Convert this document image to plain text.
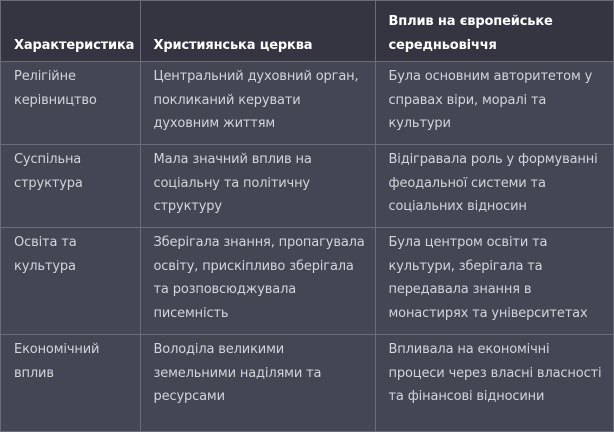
Характеристика	Християнська церква	Вплив на європейське середньовіччя
Релігійне керівництво	Центральний духовний орган, покликаний керувати духовним життям	Була основним авторитетом у справах віри, моралі та культури
Суспільна структура	Мала значний вплив на соціальну та політичну структуру	Відігравала роль у формуванні феодальної системи та соціальних відносин
Освіта та культура	Зберігала знання, пропагувала освіту, прискіпливо зберігала та розповсюджувала писемність	Була центром освіти та культури, зберігала та передавала знання в монастирях та університетах
Економічний вплив	Володіла великими земельними наділями та ресурсами	Впливала на економічні процеси через власні власності та фінансові відносини
